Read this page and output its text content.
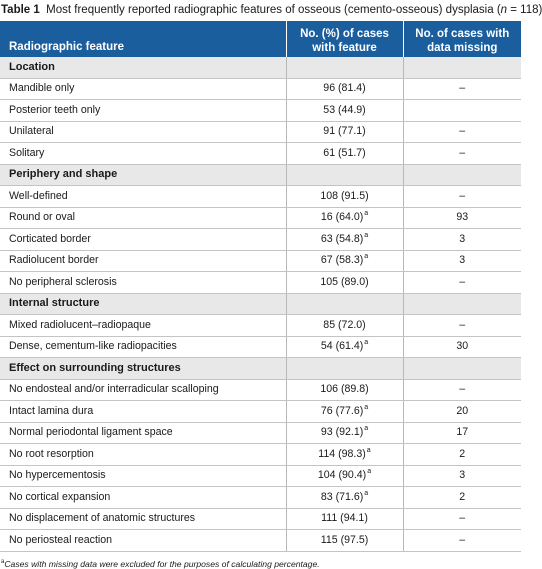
Table 1 Most frequently reported radiographic features of osseous (cemento-osseous) dysplasia (n = 118)
Radiographic feature	No. (%) of cases with feature	No. of cases with data missing
Location		
Mandible only	96 (81.4)	–
Posterior teeth only	53 (44.9)	
Unilateral	91 (77.1)	–
Solitary	61 (51.7)	–
Periphery and shape		
Well-defined	108 (91.5)	–
Round or oval	16 $(64.0)^a$	93
Corticated border	63 $(54.8)^a$	3
Radiolucent border	67 $(58.3)^a$	3
No peripheral sclerosis	105 (89.0)	–
Internal structure		
Mixed radiolucent–radiopaque	85 (72.0)	–
Dense, cementum-like radiopacities	54 $(61.4)^a$	30
Effect on surrounding structures		
No endosteal and/or interradicular scalloping	106 (89.8)	–
Intact lamina dura	76 $(77.6)^a$	20
Normal periodontal ligament space	93 $(92.1)^a$	17
No root resorption	114 $(98.3)^a$	2
No hypercementosis	104 $(90.4)^a$	3
No cortical expansion	83 $(71.6)^a$	2
No displacement of anatomic structures	111 (94.1)	–
No periosteal reaction	115 (97.5)	–
$^a$Cases with missing data were excluded for the purposes of calculating percentage.
